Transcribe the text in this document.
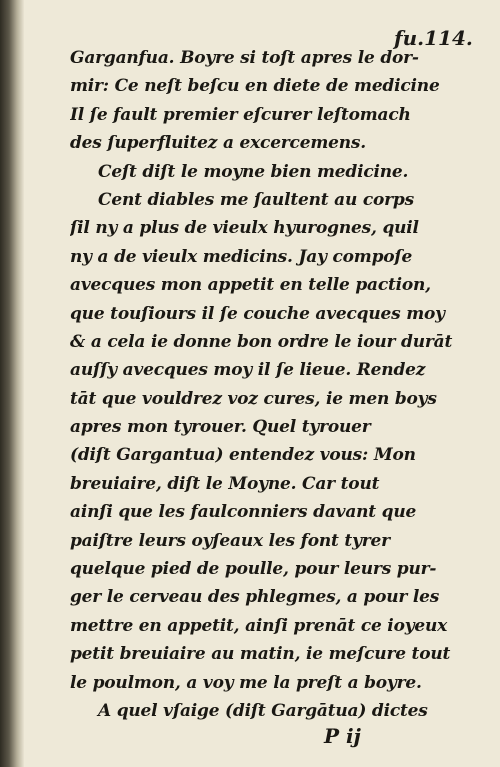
fu.114.
Garganfua. Boyre si toſt apres le dor-
mir: Ce neſt beſcu en diete de medicine
Il ſe fault premier eſcurer leſtomach
des ſuperfluitez a excercemens.
Ceſt diſt le moyne bien medicine.
Cent diables me ſaultent au corps
ſil ny a plus de vieulx hyurognes, quil
ny a de vieulx medicins. Jay compoſe
avecques mon appetit en telle paction,
que touſiours il ſe couche avecques moy
& a cela ie donne bon ordre le iour durāt
auſſy avecques moy il ſe lieue. Rendez
tāt que vouldrez voz cures, ie men boys
apres mon tyrouer. Quel tyrouer
(diſt Gargantua) entendez vous: Mon
breuiaire, diſt le Moyne. Car tout
ainſi que les faulconniers davant que
paiſtre leurs oyſeaux les font tyrer
quelque pied de poulle, pour leurs pur-
ger le cerveau des phlegmes, a pour les
mettre en appetit, ainſi prenāt ce ioyeux
petit breuiaire au matin, ie meſcure tout
le poulmon, a voy me la preſt a boyre.
A quel vſaige (diſt Gargātua) dictes
P ij
